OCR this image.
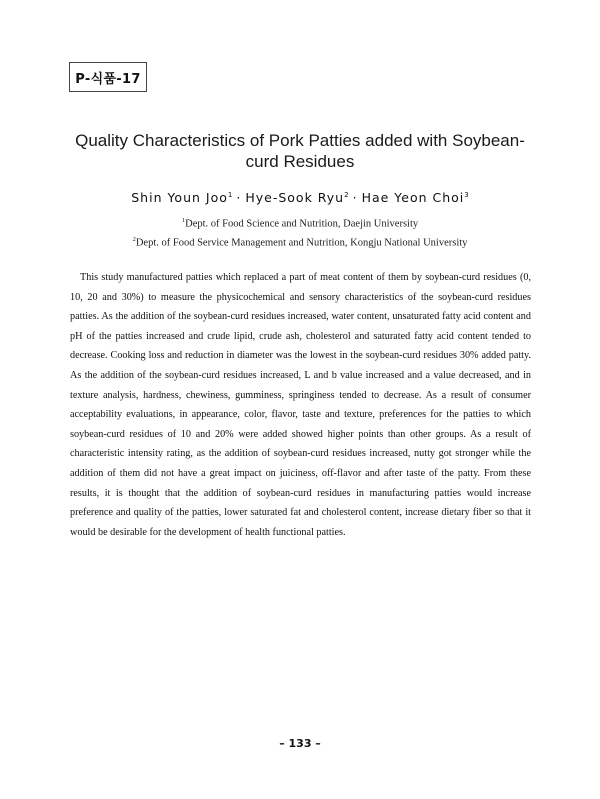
P-식품-17
Quality Characteristics of Pork Patties added with Soybean-curd Residues
Shin Youn Joo$^1$ · Hye-Sook Ryu$^2$ · Hae Yeon Choi$^3$
$^1$Dept. of Food Science and Nutrition, Daejin University
$^2$Dept. of Food Service Management and Nutrition, Kongju National University

This study manufactured patties which replaced a part of meat content of them by soybean-curd residues (0, 10, 20 and 30%) to measure the physicochemical and sensory characteristics of the soybean-curd residues patties. As the addition of the soybean-curd residues increased, water content, unsaturated fatty acid content and pH of the patties increased and crude lipid, crude ash, cholesterol and saturated fatty acid content tended to decrease. Cooking loss and reduction in diameter was the lowest in the soybean-curd residues 30% added patty. As the addition of the soybean-curd residues increased, L and b value increased and a value decreased, and in texture analysis, hardness, chewiness, gumminess, springiness tended to decrease. As a result of consumer acceptability evaluations, in appearance, color, flavor, taste and texture, preferences for the patties to which soybean-curd residues of 10 and 20% were added showed higher points than other groups. As a result of characteristic intensity rating, as the addition of soybean-curd residues increased, nutty got stronger while the addition of them did not have a great impact on juiciness, off-flavor and after taste of the patty. From these results, it is thought that the addition of soybean-curd residues in manufacturing patties would increase preference and quality of the patties, lower saturated fat and cholesterol content, increase dietary fiber so that it would be desirable for the development of health functional patties.

– 133 –
